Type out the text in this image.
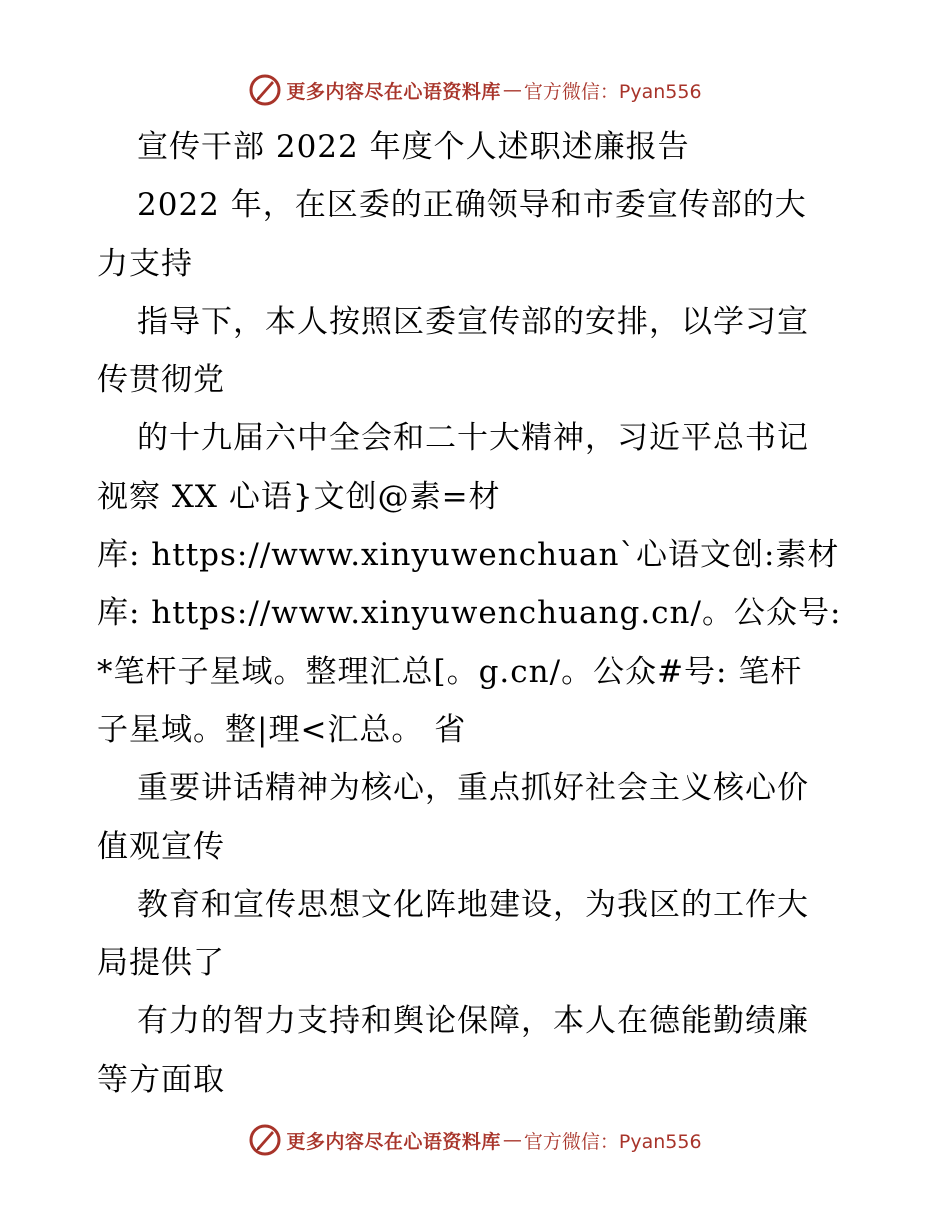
更多内容尽在心语资料库 — 官方微信：Pyan556
宣传干部 2022 年度个人述职述廉报告
2022 年，在区委的正确领导和市委宣传部的大
力支持
指导下，本人按照区委宣传部的安排，以学习宣
传贯彻党
的十九届六中全会和二十大精神，习近平总书记
视察 XX 心语}文创@素=材
库: https://www.xinyuwenchuan`心语文创:素材
库: https://www.xinyuwenchuang.cn/。公众号:
*笔杆子星域。整理汇总[。g.cn/。公众#号: 笔杆
子星域。整|理<汇总。 省
重要讲话精神为核心，重点抓好社会主义核心价
值观宣传
教育和宣传思想文化阵地建设，为我区的工作大
局提供了
有力的智力支持和舆论保障，本人在德能勤绩廉
等方面取
更多内容尽在心语资料库 — 官方微信：Pyan556
